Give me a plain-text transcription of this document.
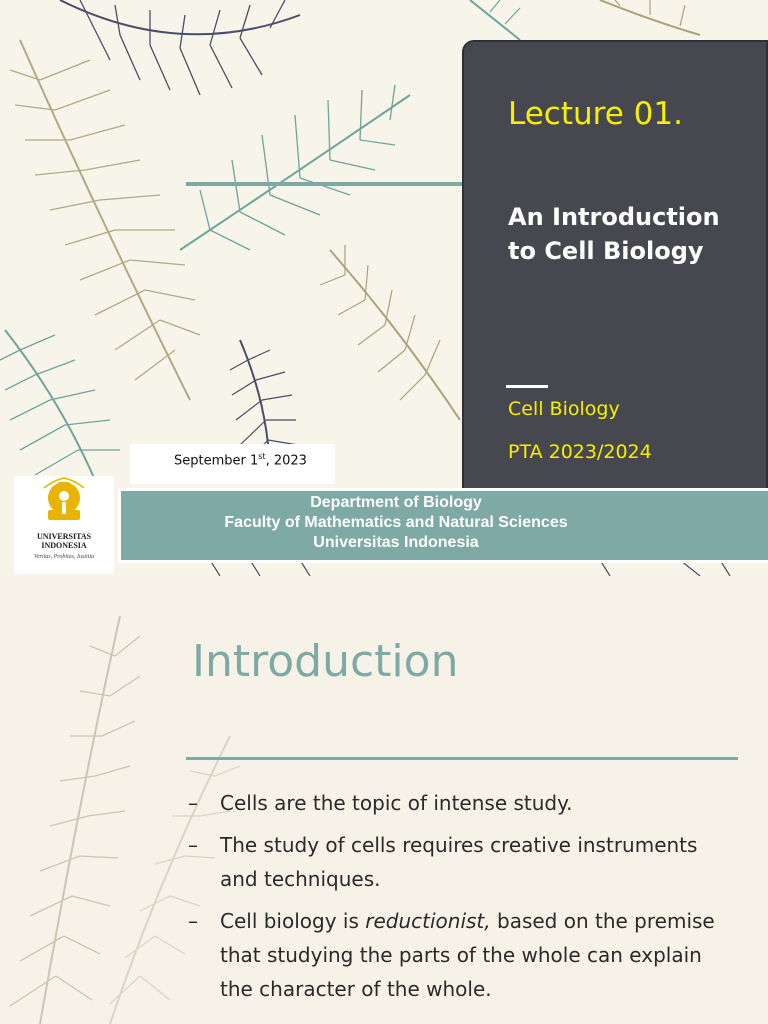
Lecture 01.
An Introduction
to Cell Biology
Cell Biology
PTA 2023/2024
September 1st, 2023
UNIVERSITAS
INDONESIA
Veritas, Probitas, Iustitia
Department of Biology
Faculty of Mathematics and Natural Sciences
Universitas Indonesia
Introduction
– Cells are the topic of intense study.
– The study of cells requires creative instruments
and techniques.
– Cell biology is reductionist, based on the premise
that studying the parts of the whole can explain
the character of the whole.
